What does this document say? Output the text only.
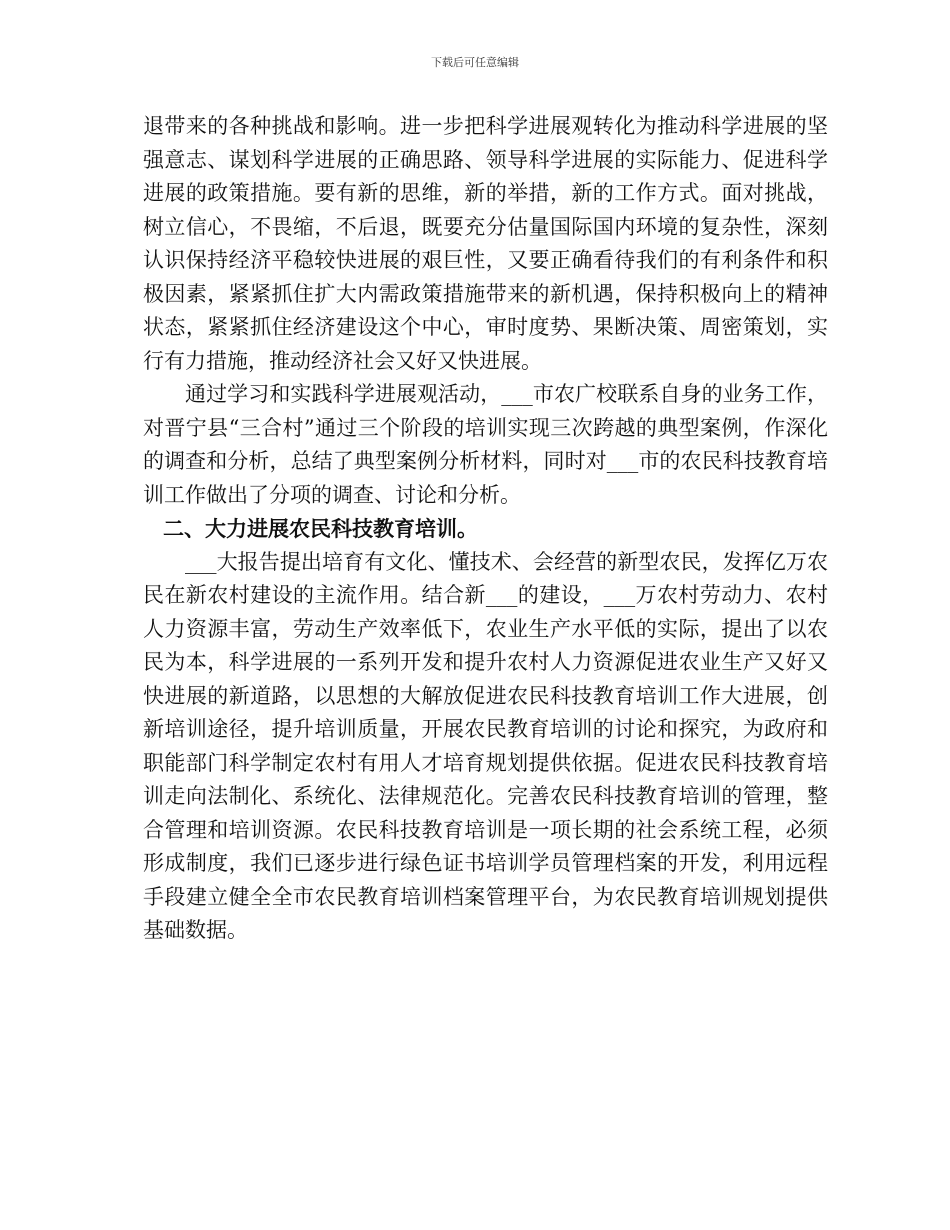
下载后可任意编辑

退带来的各种挑战和影响。进一步把科学进展观转化为推动科学进展的坚强意志、谋划科学进展的正确思路、领导科学进展的实际能力、促进科学进展的政策措施。要有新的思维，新的举措，新的工作方式。面对挑战，树立信心，不畏缩，不后退，既要充分估量国际国内环境的复杂性，深刻认识保持经济平稳较快进展的艰巨性，又要正确看待我们的有利条件和积极因素，紧紧抓住扩大内需政策措施带来的新机遇，保持积极向上的精神状态，紧紧抓住经济建设这个中心，审时度势、果断决策、周密策划，实行有力措施，推动经济社会又好又快进展。

通过学习和实践科学进展观活动，___市农广校联系自身的业务工作，对晋宁县“三合村”通过三个阶段的培训实现三次跨越的典型案例，作深化的调查和分析，总结了典型案例分析材料，同时对___市的农民科技教育培训工作做出了分项的调查、讨论和分析。

二、大力进展农民科技教育培训。

___大报告提出培育有文化、懂技术、会经营的新型农民，发挥亿万农民在新农村建设的主流作用。结合新___的建设，___万农村劳动力、农村人力资源丰富，劳动生产效率低下，农业生产水平低的实际，提出了以农民为本，科学进展的一系列开发和提升农村人力资源促进农业生产又好又快进展的新道路，以思想的大解放促进农民科技教育培训工作大进展，创新培训途径，提升培训质量，开展农民教育培训的讨论和探究，为政府和职能部门科学制定农村有用人才培育规划提供依据。促进农民科技教育培训走向法制化、系统化、法律规范化。完善农民科技教育培训的管理，整合管理和培训资源。农民科技教育培训是一项长期的社会系统工程，必须形成制度，我们已逐步进行绿色证书培训学员管理档案的开发，利用远程手段建立健全全市农民教育培训档案管理平台，为农民教育培训规划提供基础数据。
